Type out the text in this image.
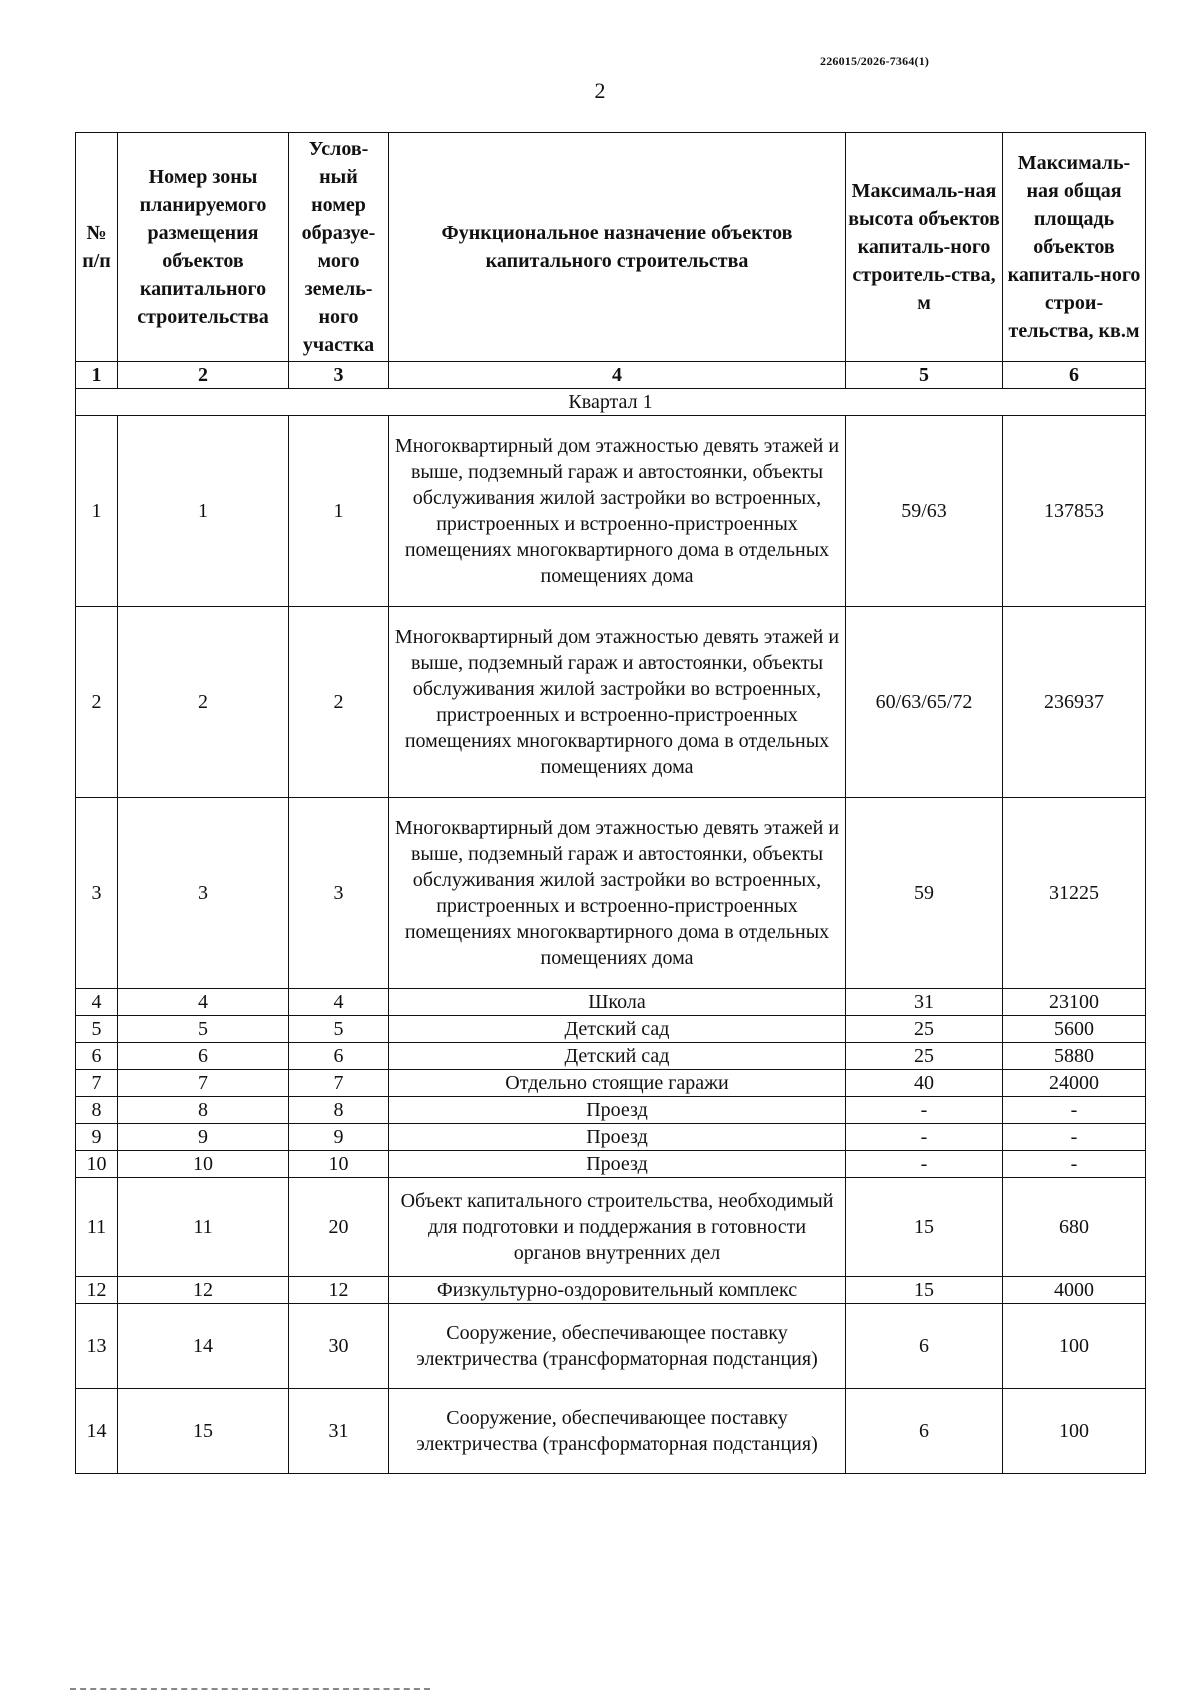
226015/2026-7364(1)
2
№ п/п	Номер зоны планируемого размещения объектов капитального строительства	Услов-ный номер образуе-мого земель-ного участка	Функциональное назначение объектов капитального строительства	Максималь-ная высота объектов капиталь-ного строитель-ства, м	Максималь-ная общая площадь объектов капиталь-ного строи-тельства, кв.м
1	2	3	4	5	6
Квартал 1					
1	1	1	Многоквартирный дом этажностью девять этажей и выше, подземный гараж и автостоянки, объекты обслуживания жилой застройки во встроенных, пристроенных и встроенно-пристроенных помещениях многоквартирного дома в отдельных помещениях дома	59/63	137853
2	2	2	Многоквартирный дом этажностью девять этажей и выше, подземный гараж и автостоянки, объекты обслуживания жилой застройки во встроенных, пристроенных и встроенно-пристроенных помещениях многоквартирного дома в отдельных помещениях дома	60/63/65/72	236937
3	3	3	Многоквартирный дом этажностью девять этажей и выше, подземный гараж и автостоянки, объекты обслуживания жилой застройки во встроенных, пристроенных и встроенно-пристроенных помещениях многоквартирного дома в отдельных помещениях дома	59	31225
4	4	4	Школа	31	23100
5	5	5	Детский сад	25	5600
6	6	6	Детский сад	25	5880
7	7	7	Отдельно стоящие гаражи	40	24000
8	8	8	Проезд	-	-
9	9	9	Проезд	-	-
10	10	10	Проезд	-	-
11	11	20	Объект капитального строительства, необходимый для подготовки и поддержания в готовности органов внутренних дел	15	680
12	12	12	Физкультурно-оздоровительный комплекс	15	4000
13	14	30	Сооружение, обеспечивающее поставку электричества (трансформаторная подстанция)	6	100
14	15	31	Сооружение, обеспечивающее поставку электричества (трансформаторная подстанция)	6	100
